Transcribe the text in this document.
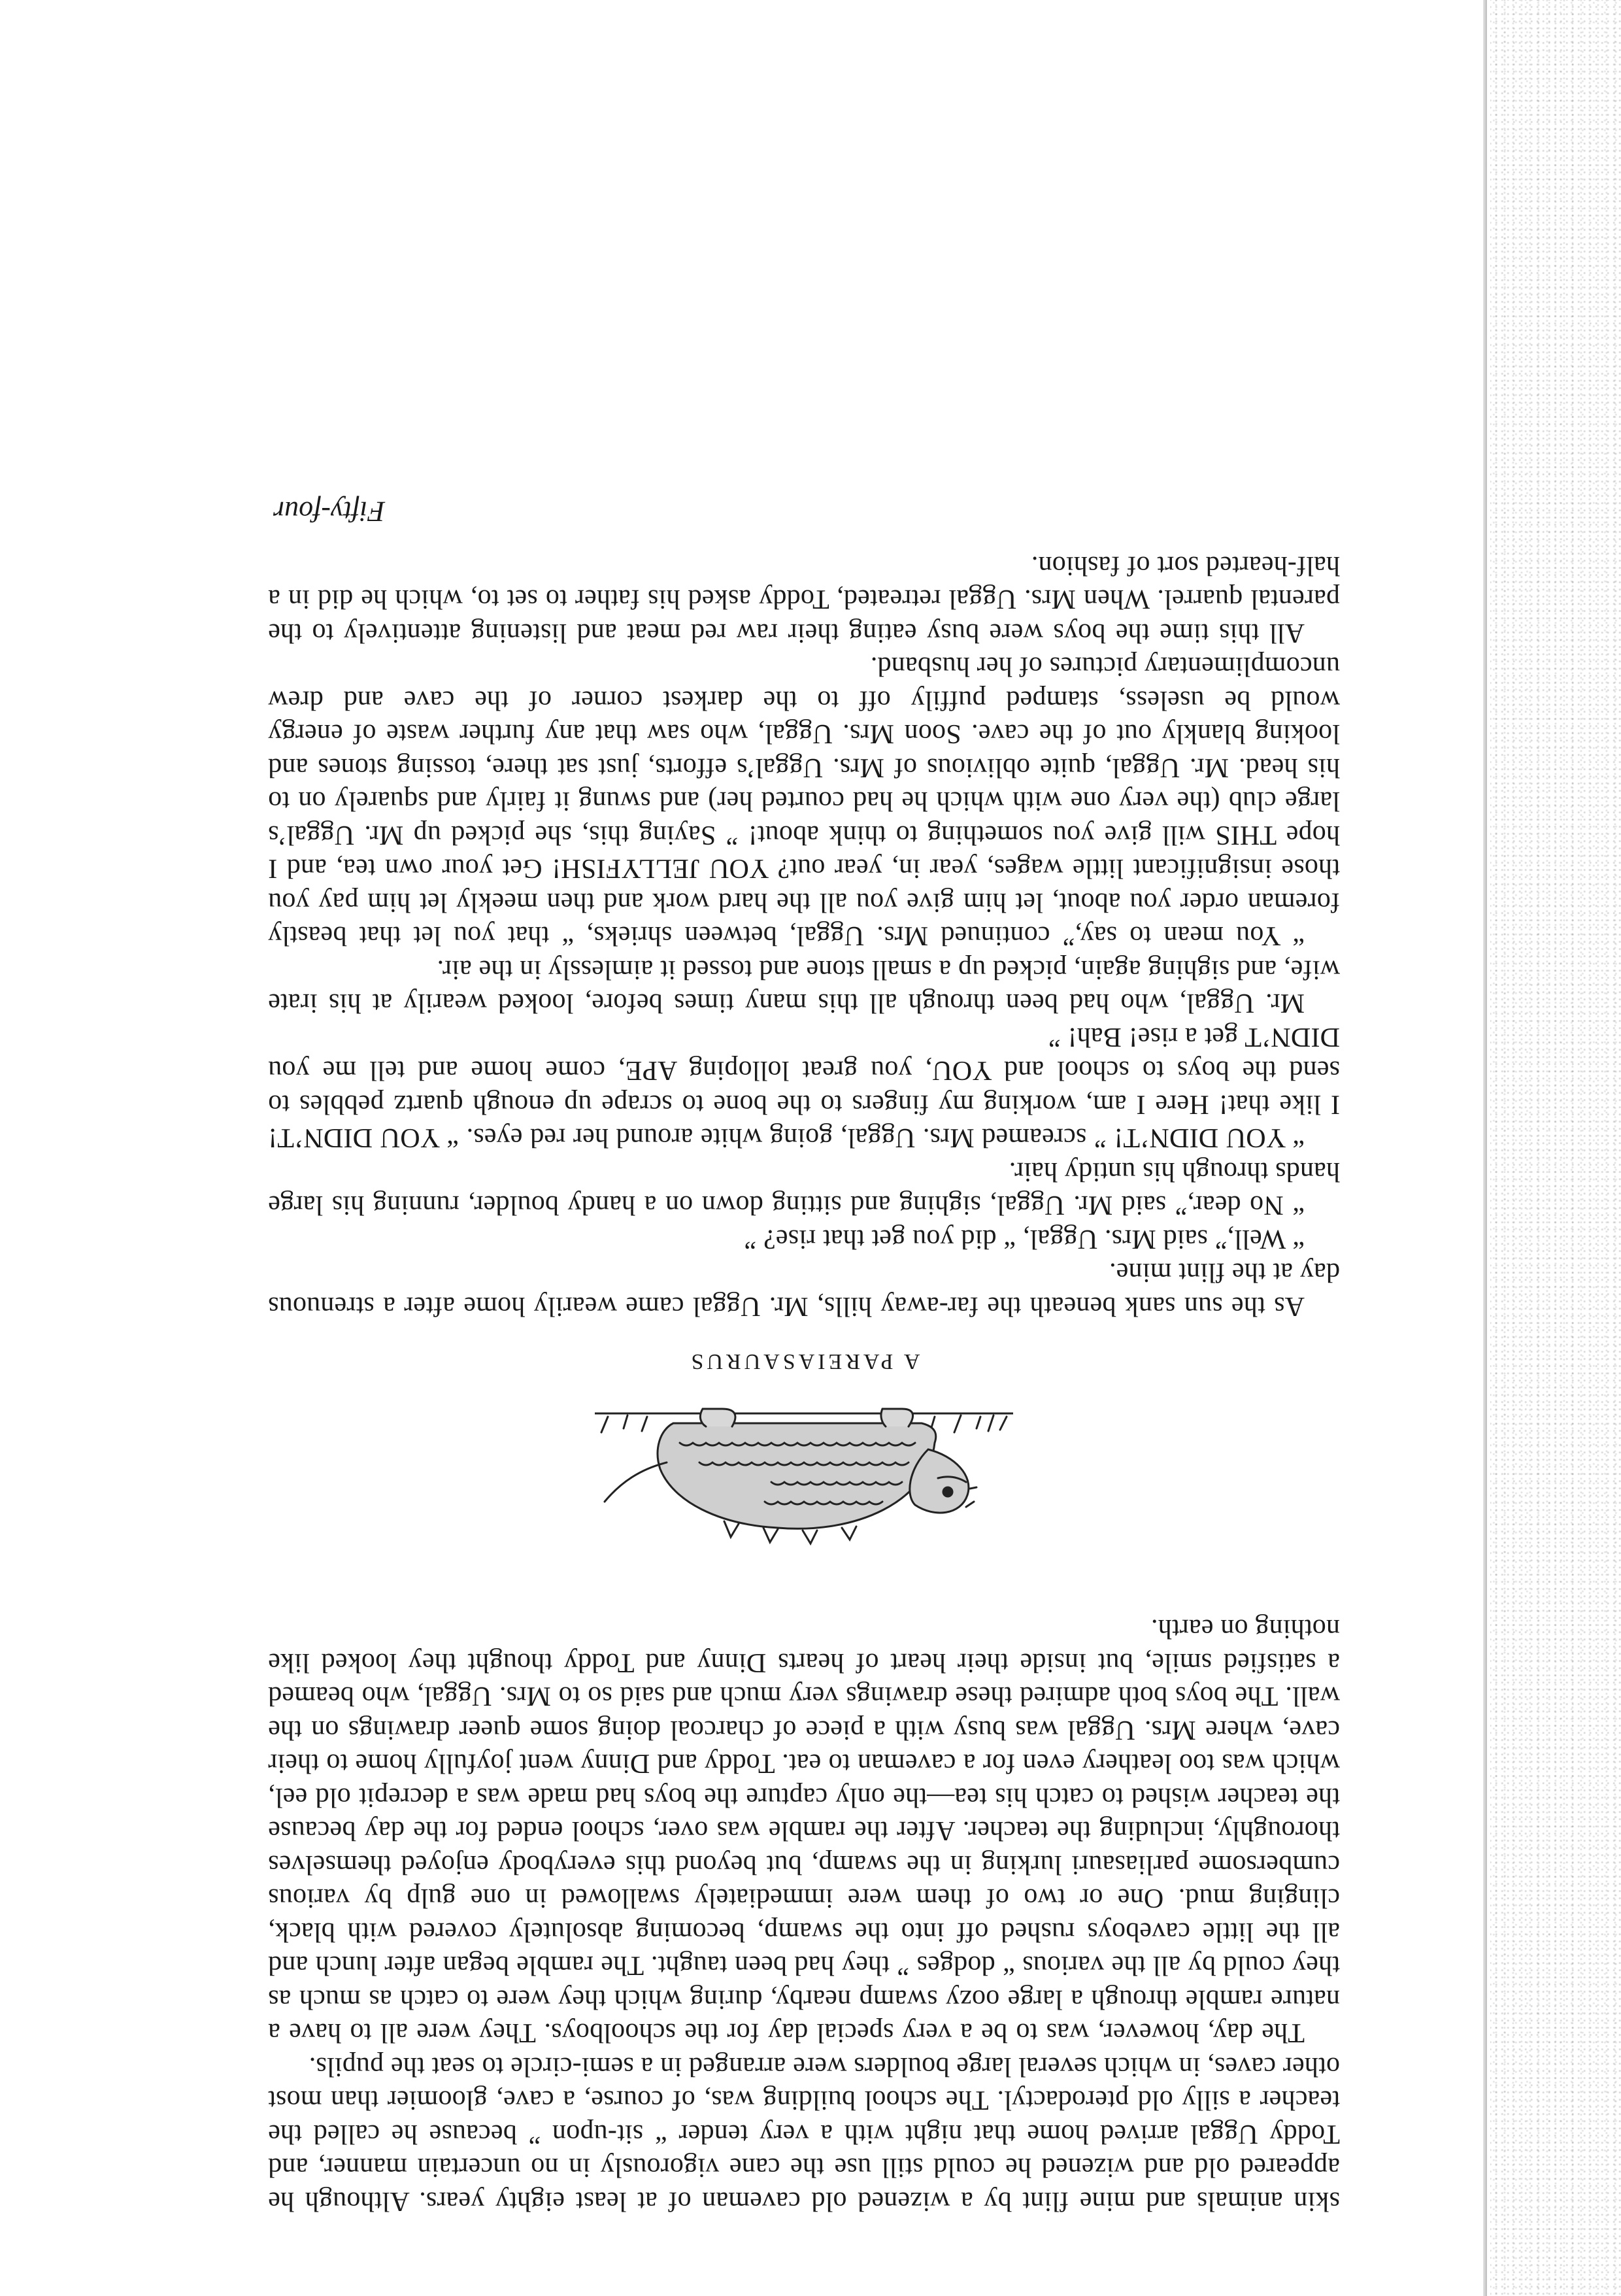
skin animals and mine flint by a wizened old caveman of at least eighty years. Although he appeared old and wizened he could still use the cane vigorously in no uncertain manner, and Toddy Uggal arrived home that night with a very tender “ sit-upon ” because he called the teacher a silly old pterodactyl. The school building was, of course, a cave, gloomier than most other caves, in which several large boulders were arranged in a semi-circle to seat the pupils.

The day, however, was to be a very special day for the schoolboys. They were all to have a nature ramble through a large oozy swamp nearby, during which they were to catch as much as they could by all the various “ dodges ” they had been taught. The ramble began after lunch and all the little caveboys rushed off into the swamp, becoming absolutely covered with black, clinging mud. One or two of them were immediately swallowed in one gulp by various cumbersome parliasauri lurking in the swamp, but beyond this everybody enjoyed themselves thoroughly, including the teacher. After the ramble was over, school ended for the day because the teacher wished to catch his tea—the only capture the boys had made was a decrepit old eel, which was too leathery even for a caveman to eat. Toddy and Dinny went joyfully home to their cave, where Mrs. Uggal was busy with a piece of charcoal doing some queer drawings on the wall. The boys both admired these drawings very much and said so to Mrs. Uggal, who beamed a satisfied smile, but inside their heart of hearts Dinny and Toddy thought they looked like nothing on earth.

A PAREIASAURUS

As the sun sank beneath the far-away hills, Mr. Uggal came wearily home after a strenuous day at the flint mine.

“ Well,” said Mrs. Uggal, “ did you get that rise? ”

“ No dear,” said Mr. Uggal, sighing and sitting down on a handy boulder, running his large hands through his untidy hair.

“ YOU DIDN’T! ” screamed Mrs. Uggal, going white around her red eyes. “ YOU DIDN’T! I like that! Here I am, working my fingers to the bone to scrape up enough quartz pebbles to send the boys to school and YOU, you great lolloping APE, come home and tell me you DIDN’T get a rise! Bah! ”

Mr. Uggal, who had been through all this many times before, looked wearily at his irate wife, and sighing again, picked up a small stone and tossed it aimlessly in the air.

“ You mean to say,” continued Mrs. Uggal, between shrieks, “ that you let that beastly foreman order you about, let him give you all the hard work and then meekly let him pay you those insignificant little wages, year in, year out? YOU JELLYFISH! Get your own tea, and I hope THIS will give you something to think about! ” Saying this, she picked up Mr. Uggal’s large club (the very one with which he had courted her) and swung it fairly and squarely on to his head. Mr. Uggal, quite oblivious of Mrs. Uggal’s efforts, just sat there, tossing stones and looking blankly out of the cave. Soon Mrs. Uggal, who saw that any further waste of energy would be useless, stamped puffily off to the darkest corner of the cave and drew uncomplimentary pictures of her husband.

All this time the boys were busy eating their raw red meat and listening attentively to the parental quarrel. When Mrs. Uggal retreated, Toddy asked his father to set to, which he did in a half-hearted sort of fashion.

Fifty-four
